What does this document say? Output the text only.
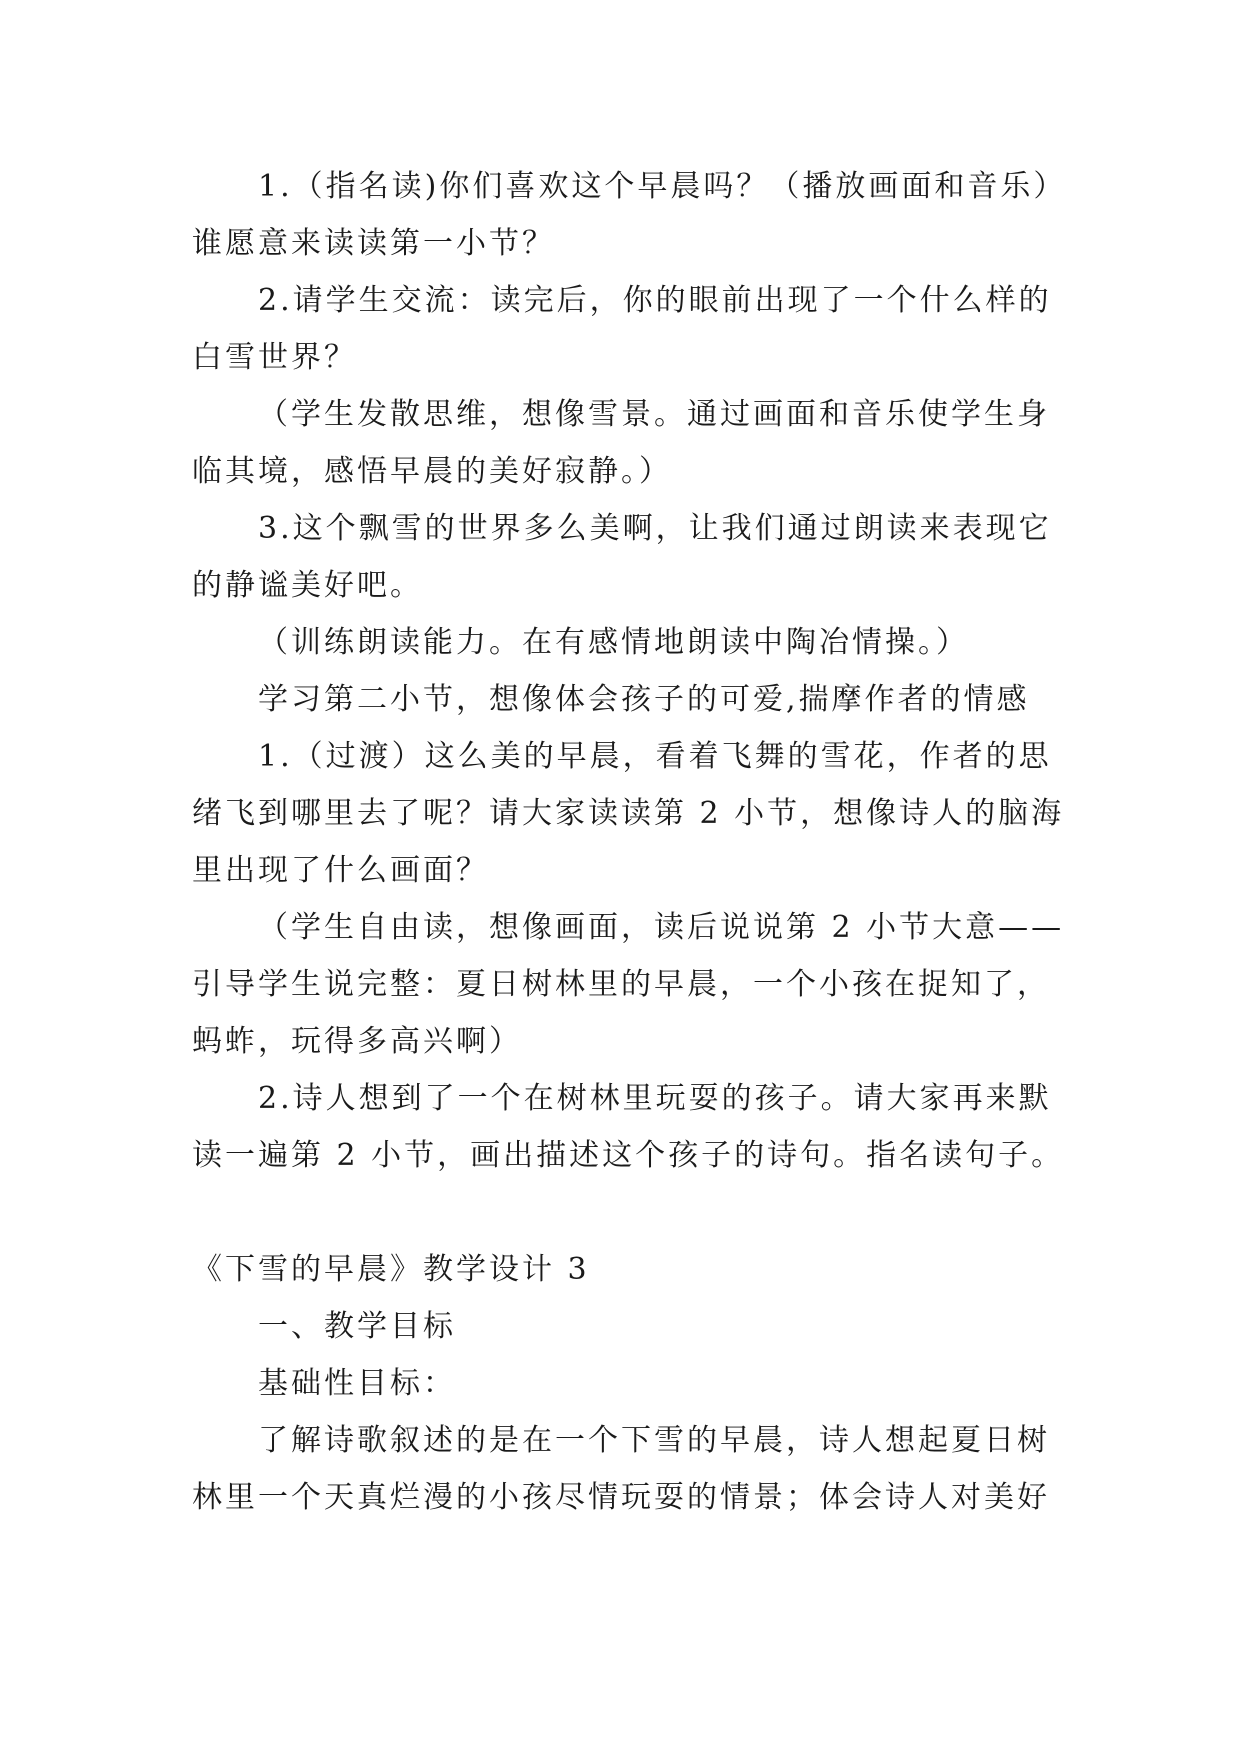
1.（指名读)你们喜欢这个早晨吗？（播放画面和音乐）
谁愿意来读读第一小节？
2.请学生交流：读完后，你的眼前出现了一个什么样的
白雪世界？
（学生发散思维，想像雪景。通过画面和音乐使学生身
临其境，感悟早晨的美好寂静。）
3.这个飘雪的世界多么美啊，让我们通过朗读来表现它
的静谧美好吧。
（训练朗读能力。在有感情地朗读中陶冶情操。）
学习第二小节，想像体会孩子的可爱,揣摩作者的情感
1.（过渡）这么美的早晨，看着飞舞的雪花，作者的思
绪飞到哪里去了呢？请大家读读第 2 小节，想像诗人的脑海
里出现了什么画面？
（学生自由读，想像画面，读后说说第 2 小节大意——
引导学生说完整：夏日树林里的早晨，一个小孩在捉知了，
蚂蚱，玩得多高兴啊）
2.诗人想到了一个在树林里玩耍的孩子。请大家再来默
读一遍第 2 小节，画出描述这个孩子的诗句。指名读句子。
《下雪的早晨》教学设计 3
一、教学目标
基础性目标：
了解诗歌叙述的是在一个下雪的早晨，诗人想起夏日树
林里一个天真烂漫的小孩尽情玩耍的情景；体会诗人对美好
